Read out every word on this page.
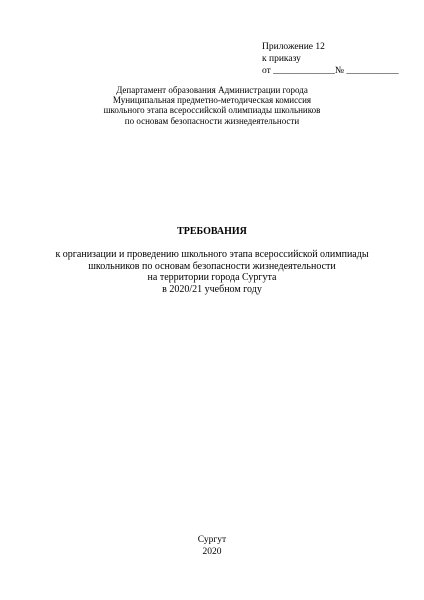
Приложение 12
к приказу
от _____________№ ___________
Департамент образования Администрации города
Муниципальная предметно-методическая комиссия
школьного этапа всероссийской олимпиады школьников
по основам безопасности жизнедеятельности
ТРЕБОВАНИЯ
к организации и проведению школьного этапа всероссийской олимпиады
школьников по основам безопасности жизнедеятельности
на территории города Сургута
в 2020/21 учебном году
Сургут
2020
